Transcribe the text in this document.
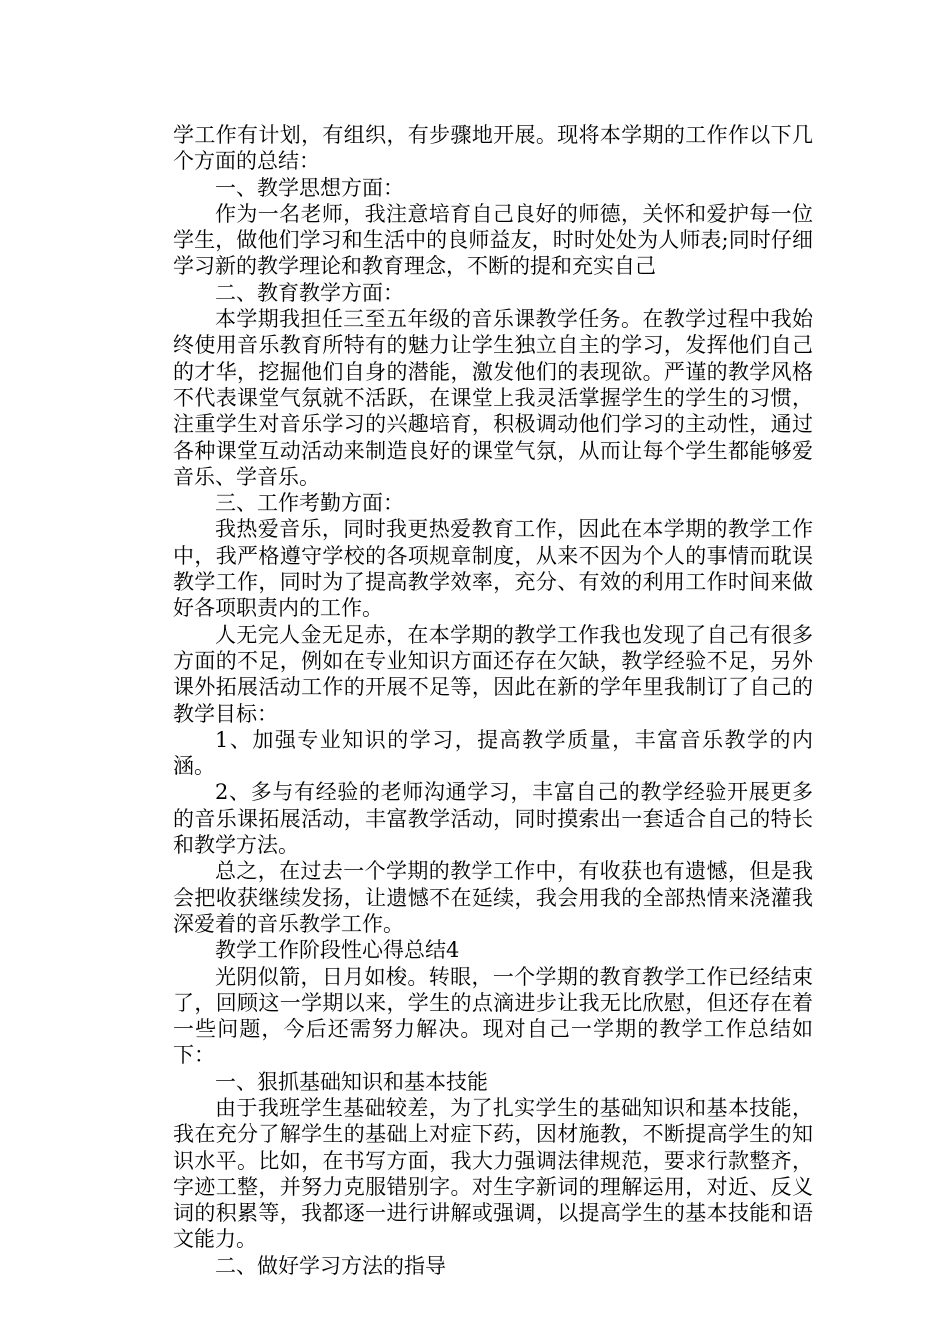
学工作有计划，有组织，有步骤地开展。现将本学期的工作作以下几个方面的总结：

一、教学思想方面：

作为一名老师，我注意培育自己良好的师德，关怀和爱护每一位学生，做他们学习和生活中的良师益友，时时处处为人师表;同时仔细学习新的教学理论和教育理念，不断的提和充实自己

二、教育教学方面：

本学期我担任三至五年级的音乐课教学任务。在教学过程中我始终使用音乐教育所特有的魅力让学生独立自主的学习，发挥他们自己的才华，挖掘他们自身的潜能，激发他们的表现欲。严谨的教学风格不代表课堂气氛就不活跃，在课堂上我灵活掌握学生的学生的习惯，注重学生对音乐学习的兴趣培育，积极调动他们学习的主动性，通过各种课堂互动活动来制造良好的课堂气氛，从而让每个学生都能够爱音乐、学音乐。

三、工作考勤方面：

我热爱音乐，同时我更热爱教育工作，因此在本学期的教学工作中，我严格遵守学校的各项规章制度，从来不因为个人的事情而耽误教学工作，同时为了提高教学效率，充分、有效的利用工作时间来做好各项职责内的工作。

人无完人金无足赤，在本学期的教学工作我也发现了自己有很多方面的不足，例如在专业知识方面还存在欠缺，教学经验不足，另外课外拓展活动工作的开展不足等，因此在新的学年里我制订了自己的教学目标：

1、加强专业知识的学习，提高教学质量，丰富音乐教学的内涵。

2、多与有经验的老师沟通学习，丰富自己的教学经验开展更多的音乐课拓展活动，丰富教学活动，同时摸索出一套适合自己的特长和教学方法。

总之，在过去一个学期的教学工作中，有收获也有遗憾，但是我会把收获继续发扬，让遗憾不在延续，我会用我的全部热情来浇灌我深爱着的音乐教学工作。

教学工作阶段性心得总结4

光阴似箭，日月如梭。转眼，一个学期的教育教学工作已经结束了，回顾这一学期以来，学生的点滴进步让我无比欣慰，但还存在着一些问题，今后还需努力解决。现对自己一学期的教学工作总结如下：

一、狠抓基础知识和基本技能

由于我班学生基础较差，为了扎实学生的基础知识和基本技能，我在充分了解学生的基础上对症下药，因材施教，不断提高学生的知识水平。比如，在书写方面，我大力强调法律规范，要求行款整齐，字迹工整，并努力克服错别字。对生字新词的理解运用，对近、反义词的积累等，我都逐一进行讲解或强调，以提高学生的基本技能和语文能力。

二、做好学习方法的指导
